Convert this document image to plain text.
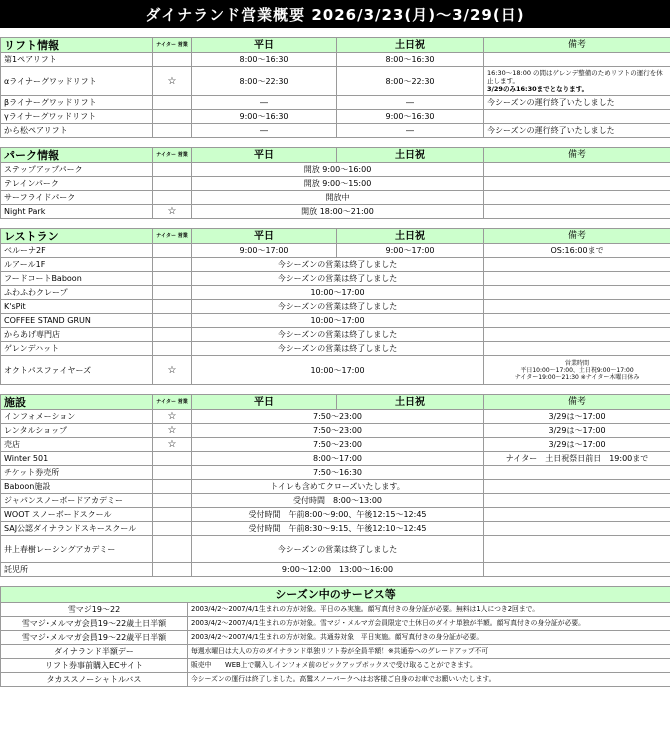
ダイナランド営業概要 2026/3/23(月)～3/29(日)

リフト情報	ナイター 営業	平日	土日祝	備考
第1ペアリフト		8:00～16:30	8:00～16:30	
αライナーグワッドリフト	☆	8:00～22:30	8:00～22:30	16:30～18:00 の間はゲレンデ整備のためリフトの運行を休止します。
3/29のみ16:30までとなります。
βライナーグワッドリフト		―	―	今シーズンの運行終了いたしました
γライナーグワッドリフト		9:00～16:30	9:00～16:30	
から松ペアリフト		―	―	今シーズンの運行終了いたしました

パーク情報	ナイター 営業	平日	土日祝	備考
ステップアップパーク		開放 9:00～16:00		
テレインパーク		開放 9:00～15:00		
サーフライドパーク		開放中		
Night Park	☆	開放 18:00～21:00		

レストラン	ナイター 営業	平日	土日祝	備考
ベルーナ2F		9:00～17:00	9:00～17:00	OS:16:00まで
ルアール1F		今シーズンの営業は終了しました		
フードコートBaboon		今シーズンの営業は終了しました		
ふわふわクレープ		10:00～17:00		
K'sPit		今シーズンの営業は終了しました		
COFFEE STAND GRUN		10:00～17:00		
からあげ専門店		今シーズンの営業は終了しました		
ゲレンデハット		今シーズンの営業は終了しました		
オクトパスファイヤーズ	☆	10:00～17:00		営業時間
平日10:00～17:00、土日祝9:00～17:00
ナイター19:00～21:30 ※ナイター木曜日休み

施設	ナイター 営業	平日	土日祝	備考
インフォメーション	☆	7:50～23:00		3/29は～17:00
レンタルショップ	☆	7:50～23:00		3/29は～17:00
売店	☆	7:50～23:00		3/29は～17:00
Winter 501		8:00～17:00		ナイター　土日祝祭日前日　19:00まで
チケット券売所		7:50～16:30		
Baboon施設		トイレも含めてクローズいたします。		
ジャパンスノーボードアカデミー		受付時間　8:00～13:00		
WOOT スノーボードスクール		受付時間　午前8:00～9:00、午後12:15～12:45		
SAJ公認ダイナランドスキースクール		受付時間　午前8:30～9:15、午後12:10～12:45		
井上春樹レーシングアカデミー		今シーズンの営業は終了しました		
託児所		9:00～12:00　13:00～16:00		
シーズン中のサービス等	
雪マジ19～22	2003/4/2～2007/4/1生まれの方が対象。平日のみ実施。顔写真付きの身分証が必要。無料は1人につき2回まで。
雪マジ･メルマガ会員19～22歳土日半額	2003/4/2～2007/4/1生まれの方が対象。雪マジ・メルマガ会員限定で土休日のダイナ単独が半額。顔写真付きの身分証が必要。
雪マジ･メルマガ会員19～22歳平日半額	2003/4/2～2007/4/1生まれの方が対象。共通券対象　平日実施。顔写真付きの身分証が必要。
ダイナランド半額デー	毎週水曜日は大人の方のダイナランド単独リフト券が全員半額！※共通券へのグレードアップ不可
リフト券事前購入ECサイト	販売中　　WEB上で購入しインフォメ前のピックアップボックスで受け取ることができます。
タカススノーシャトルバス	今シーズンの運行は終了しました。高鷲スノーパークへはお客様ご自身のお車でお願いいたします。
